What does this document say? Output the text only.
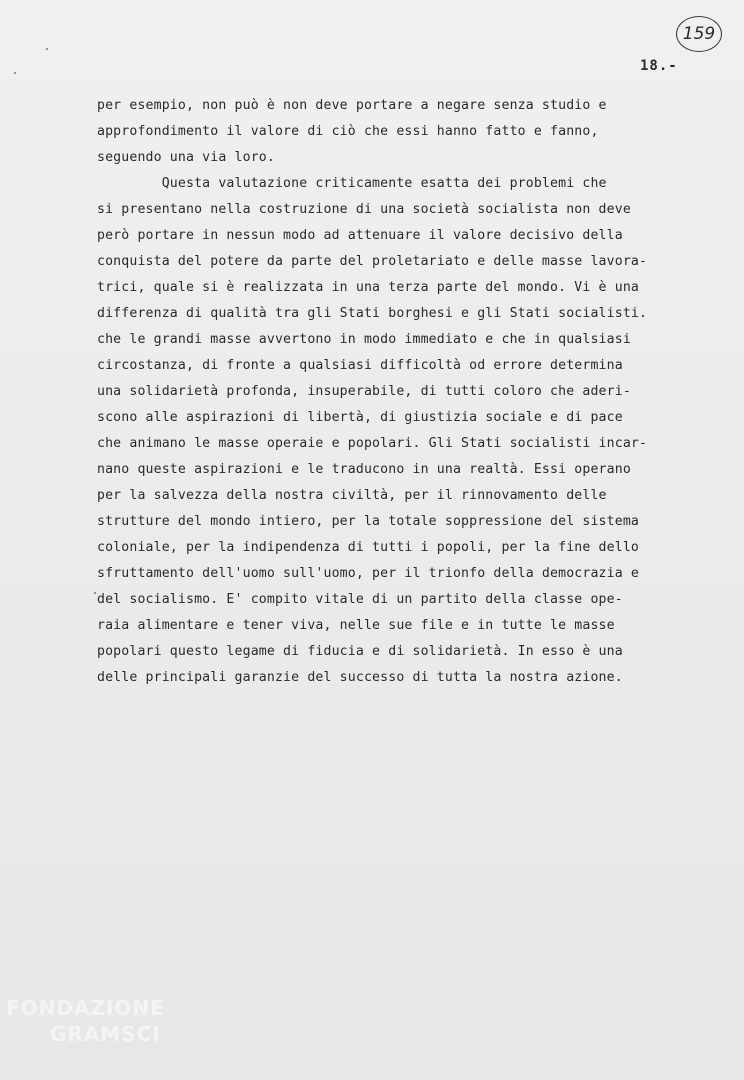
159
18.-
per esempio, non può è non deve portare a negare senza studio e
approfondimento il valore di ciò che essi hanno fatto e fanno,
seguendo una via loro.
Questa valutazione criticamente esatta dei problemi che
si presentano nella costruzione di una società socialista non deve
però portare in nessun modo ad attenuare il valore decisivo della
conquista del potere da parte del proletariato e delle masse lavora-
trici, quale si è realizzata in una terza parte del mondo. Vi è una
differenza di qualità tra gli Stati borghesi e gli Stati socialisti.
che le grandi masse avvertono in modo immediato e che in qualsiasi
circostanza, di fronte a qualsiasi difficoltà od errore determina
una solidarietà profonda, insuperabile, di tutti coloro che aderi-
scono alle aspirazioni di libertà, di giustizia sociale e di pace
che animano le masse operaie e popolari. Gli Stati socialisti incar-
nano queste aspirazioni e le traducono in una realtà. Essi operano
per la salvezza della nostra civiltà, per il rinnovamento delle
strutture del mondo intiero, per la totale soppressione del sistema
coloniale, per la indipendenza di tutti i popoli, per la fine dello
sfruttamento dell'uomo sull'uomo, per il trionfo della democrazia e
del socialismo. E' compito vitale di un partito della classe ope-
raia alimentare e tener viva, nelle sue file e in tutte le masse
popolari questo legame di fiducia e di solidarietà. In esso è una
delle principali garanzie del successo di tutta la nostra azione.
FONDAZIONE
GRAMSCI
